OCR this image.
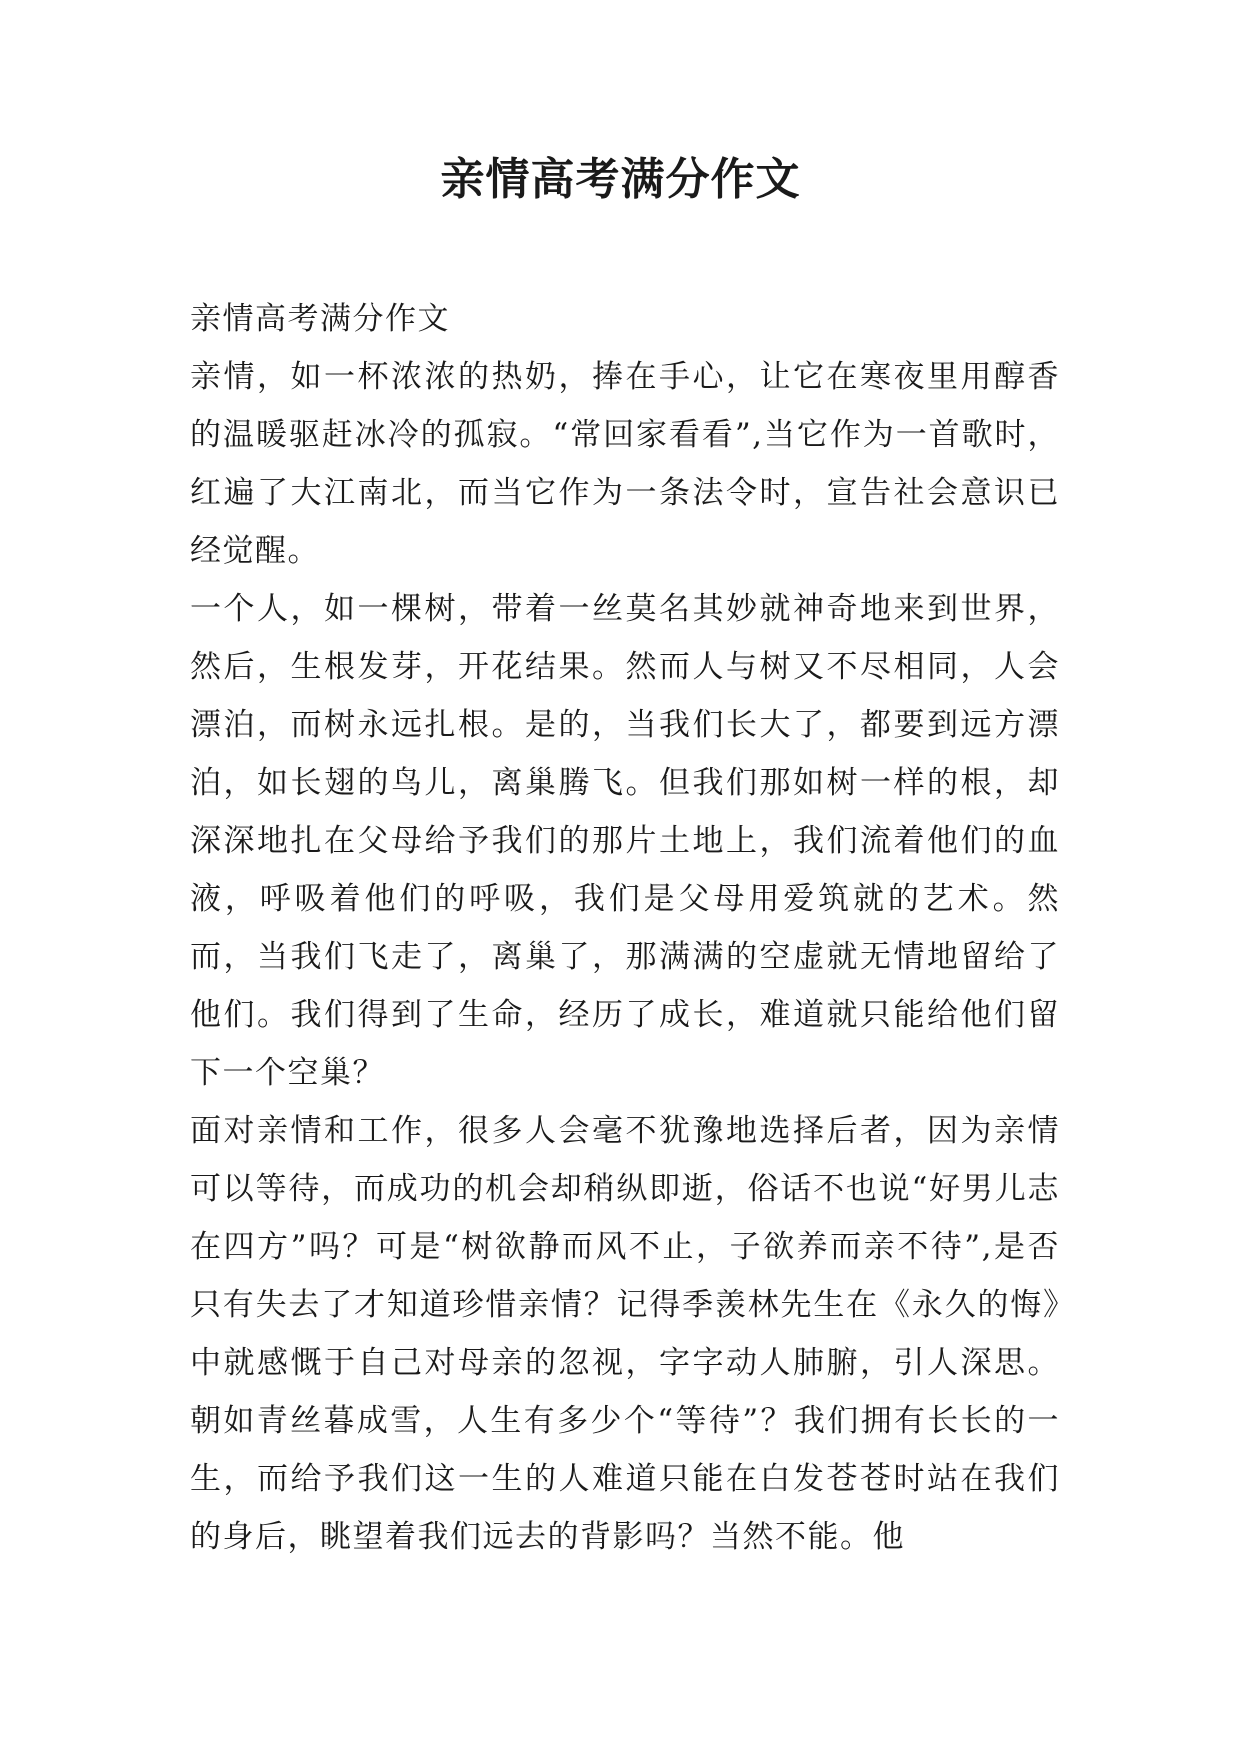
亲情高考满分作文

亲情高考满分作文

亲情，如一杯浓浓的热奶，捧在手心，让它在寒夜里用醇香的温暖驱赶冰冷的孤寂。“常回家看看”,当它作为一首歌时，红遍了大江南北，而当它作为一条法令时，宣告社会意识已经觉醒。

一个人，如一棵树，带着一丝莫名其妙就神奇地来到世界，然后，生根发芽，开花结果。然而人与树又不尽相同，人会漂泊，而树永远扎根。是的，当我们长大了，都要到远方漂泊，如长翅的鸟儿，离巢腾飞。但我们那如树一样的根，却深深地扎在父母给予我们的那片土地上，我们流着他们的血液，呼吸着他们的呼吸，我们是父母用爱筑就的艺术。然而，当我们飞走了，离巢了，那满满的空虚就无情地留给了他们。我们得到了生命，经历了成长，难道就只能给他们留下一个空巢？

面对亲情和工作，很多人会毫不犹豫地选择后者，因为亲情可以等待，而成功的机会却稍纵即逝，俗话不也说“好男儿志在四方”吗？可是“树欲静而风不止，子欲养而亲不待”,是否只有失去了才知道珍惜亲情？记得季羡林先生在《永久的悔》中就感慨于自己对母亲的忽视，字字动人肺腑，引人深思。朝如青丝暮成雪，人生有多少个“等待”？我们拥有长长的一生，而给予我们这一生的人难道只能在白发苍苍时站在我们的身后，眺望着我们远去的背影吗？当然不能。他
